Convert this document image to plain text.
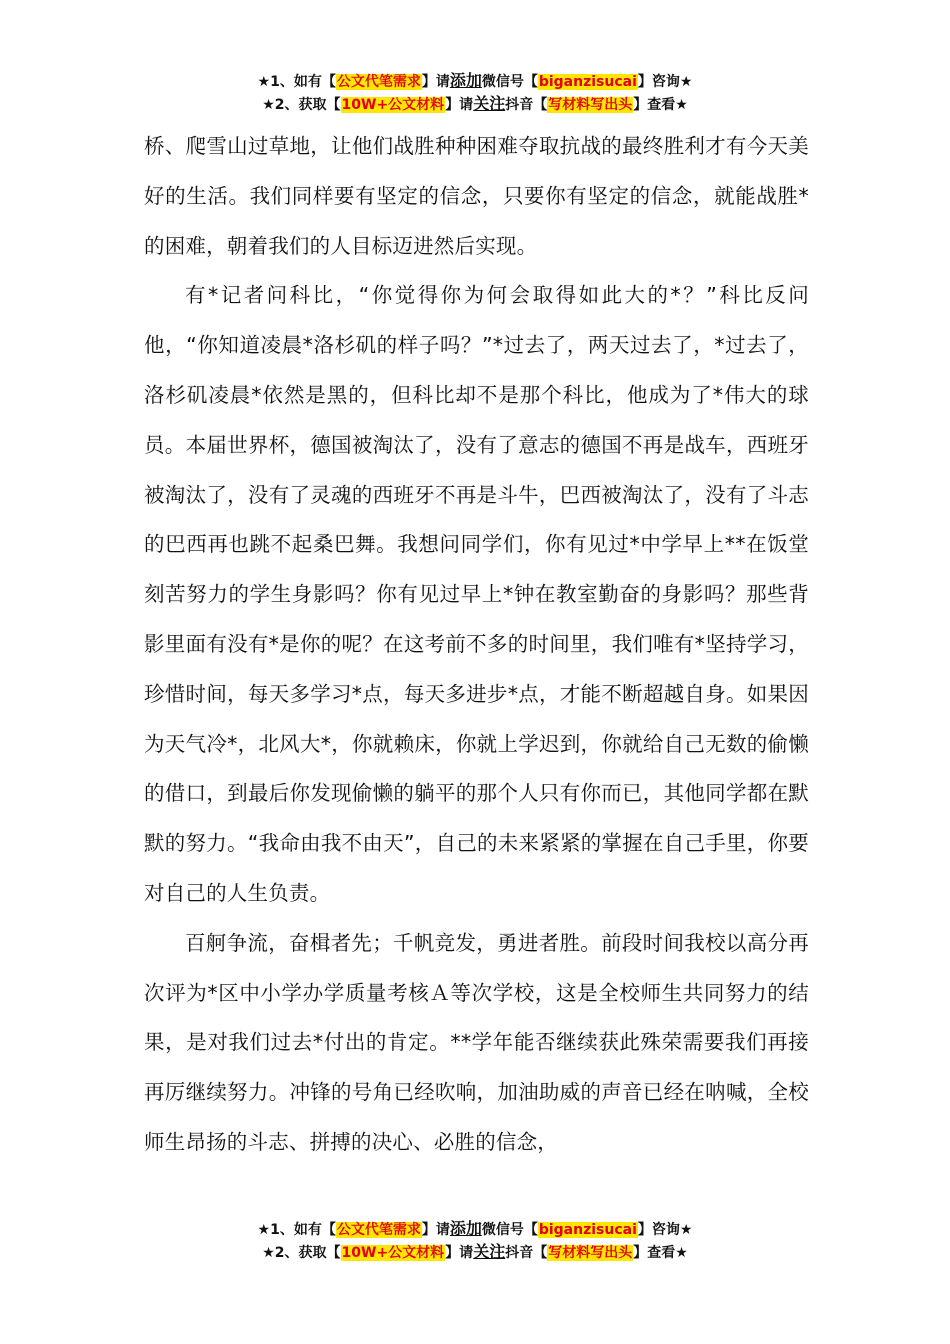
★1、如有【公文代笔需求】请添加微信号【biganzisucai】咨询★
★2、获取【10W+公文材料】请关注抖音【写材料写出头】查看★

桥、爬雪山过草地，让他们战胜种种困难夺取抗战的最终胜利才有今天美好的生活。我们同样要有坚定的信念，只要你有坚定的信念，就能战胜*的困难，朝着我们的人目标迈进然后实现。

有*记者问科比，“你觉得你为何会取得如此大的*？”科比反问他，“你知道凌晨*洛杉矶的样子吗？”*过去了，两天过去了，*过去了，洛杉矶凌晨*依然是黑的，但科比却不是那个科比，他成为了*伟大的球员。本届世界杯，德国被淘汰了，没有了意志的德国不再是战车，西班牙被淘汰了，没有了灵魂的西班牙不再是斗牛，巴西被淘汰了，没有了斗志的巴西再也跳不起桑巴舞。我想问同学们，你有见过*中学早上**在饭堂刻苦努力的学生身影吗？你有见过早上*钟在教室勤奋的身影吗？那些背影里面有没有*是你的呢？在这考前不多的时间里，我们唯有*坚持学习，珍惜时间，每天多学习*点，每天多进步*点，才能不断超越自身。如果因为天气冷*，北风大*，你就赖床，你就上学迟到，你就给自己无数的偷懒的借口，到最后你发现偷懒的躺平的那个人只有你而已，其他同学都在默默的努力。“我命由我不由天”，自己的未来紧紧的掌握在自己手里，你要对自己的人生负责。

百舸争流，奋楫者先；千帆竞发，勇进者胜。前段时间我校以高分再次评为*区中小学办学质量考核Ａ等次学校，这是全校师生共同努力的结果，是对我们过去*付出的肯定。**学年能否继续获此殊荣需要我们再接再厉继续努力。冲锋的号角已经吹响，加油助威的声音已经在呐喊，全校师生昂扬的斗志、拼搏的决心、必胜的信念，

★1、如有【公文代笔需求】请添加微信号【biganzisucai】咨询★
★2、获取【10W+公文材料】请关注抖音【写材料写出头】查看★
